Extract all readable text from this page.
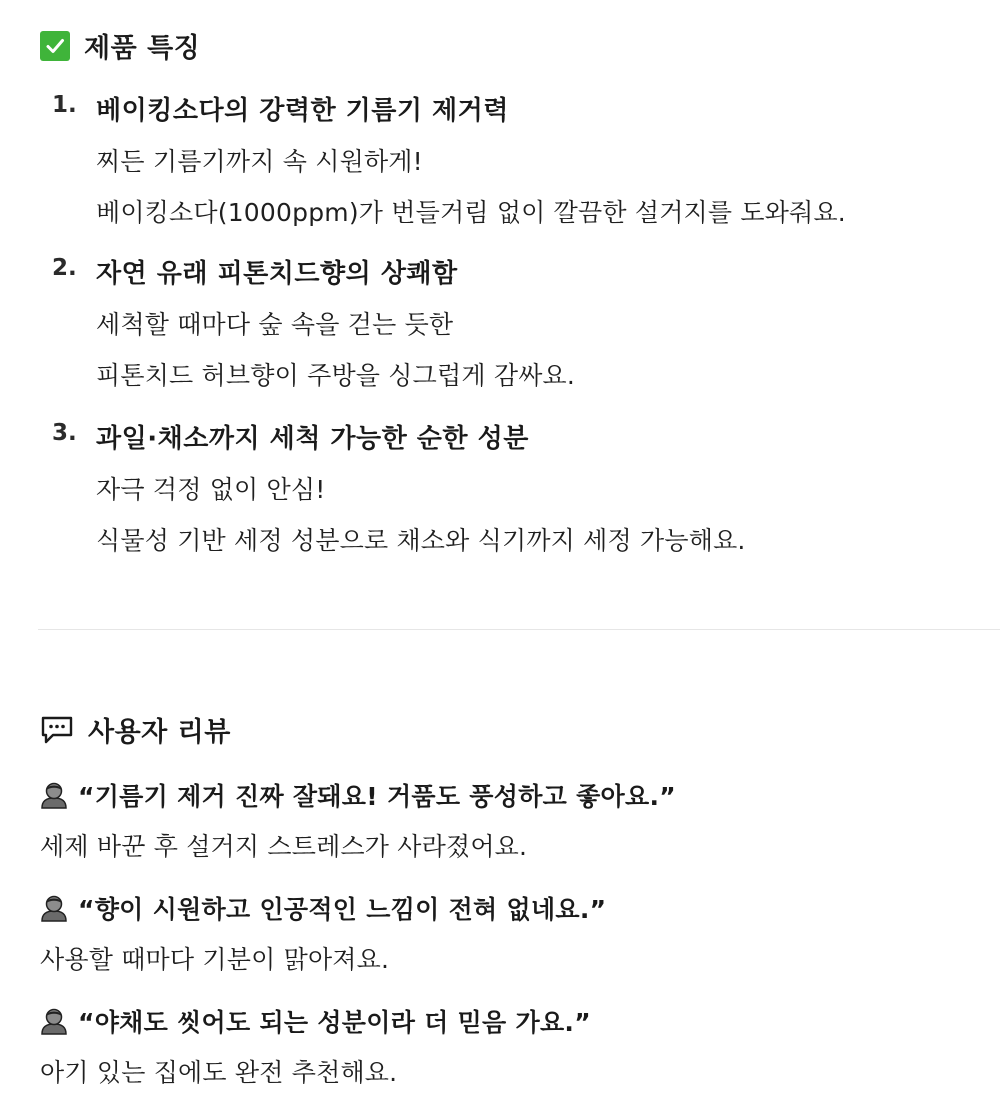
제품 특징
1. 베이킹소다의 강력한 기름기 제거력
찌든 기름기까지 속 시원하게!
베이킹소다(1000ppm)가 번들거림 없이 깔끔한 설거지를 도와줘요.
2. 자연 유래 피톤치드향의 상쾌함
세척할 때마다 숲 속을 걷는 듯한
피톤치드 허브향이 주방을 싱그럽게 감싸요.
3. 과일·채소까지 세척 가능한 순한 성분
자극 걱정 없이 안심!
식물성 기반 세정 성분으로 채소와 식기까지 세정 가능해요.
사용자 리뷰
“기름기 제거 진짜 잘돼요! 거품도 풍성하고 좋아요.”
세제 바꾼 후 설거지 스트레스가 사라졌어요.
“향이 시원하고 인공적인 느낌이 전혀 없네요.”
사용할 때마다 기분이 맑아져요.
“야채도 씻어도 되는 성분이라 더 믿음 가요.”
아기 있는 집에도 완전 추천해요.
